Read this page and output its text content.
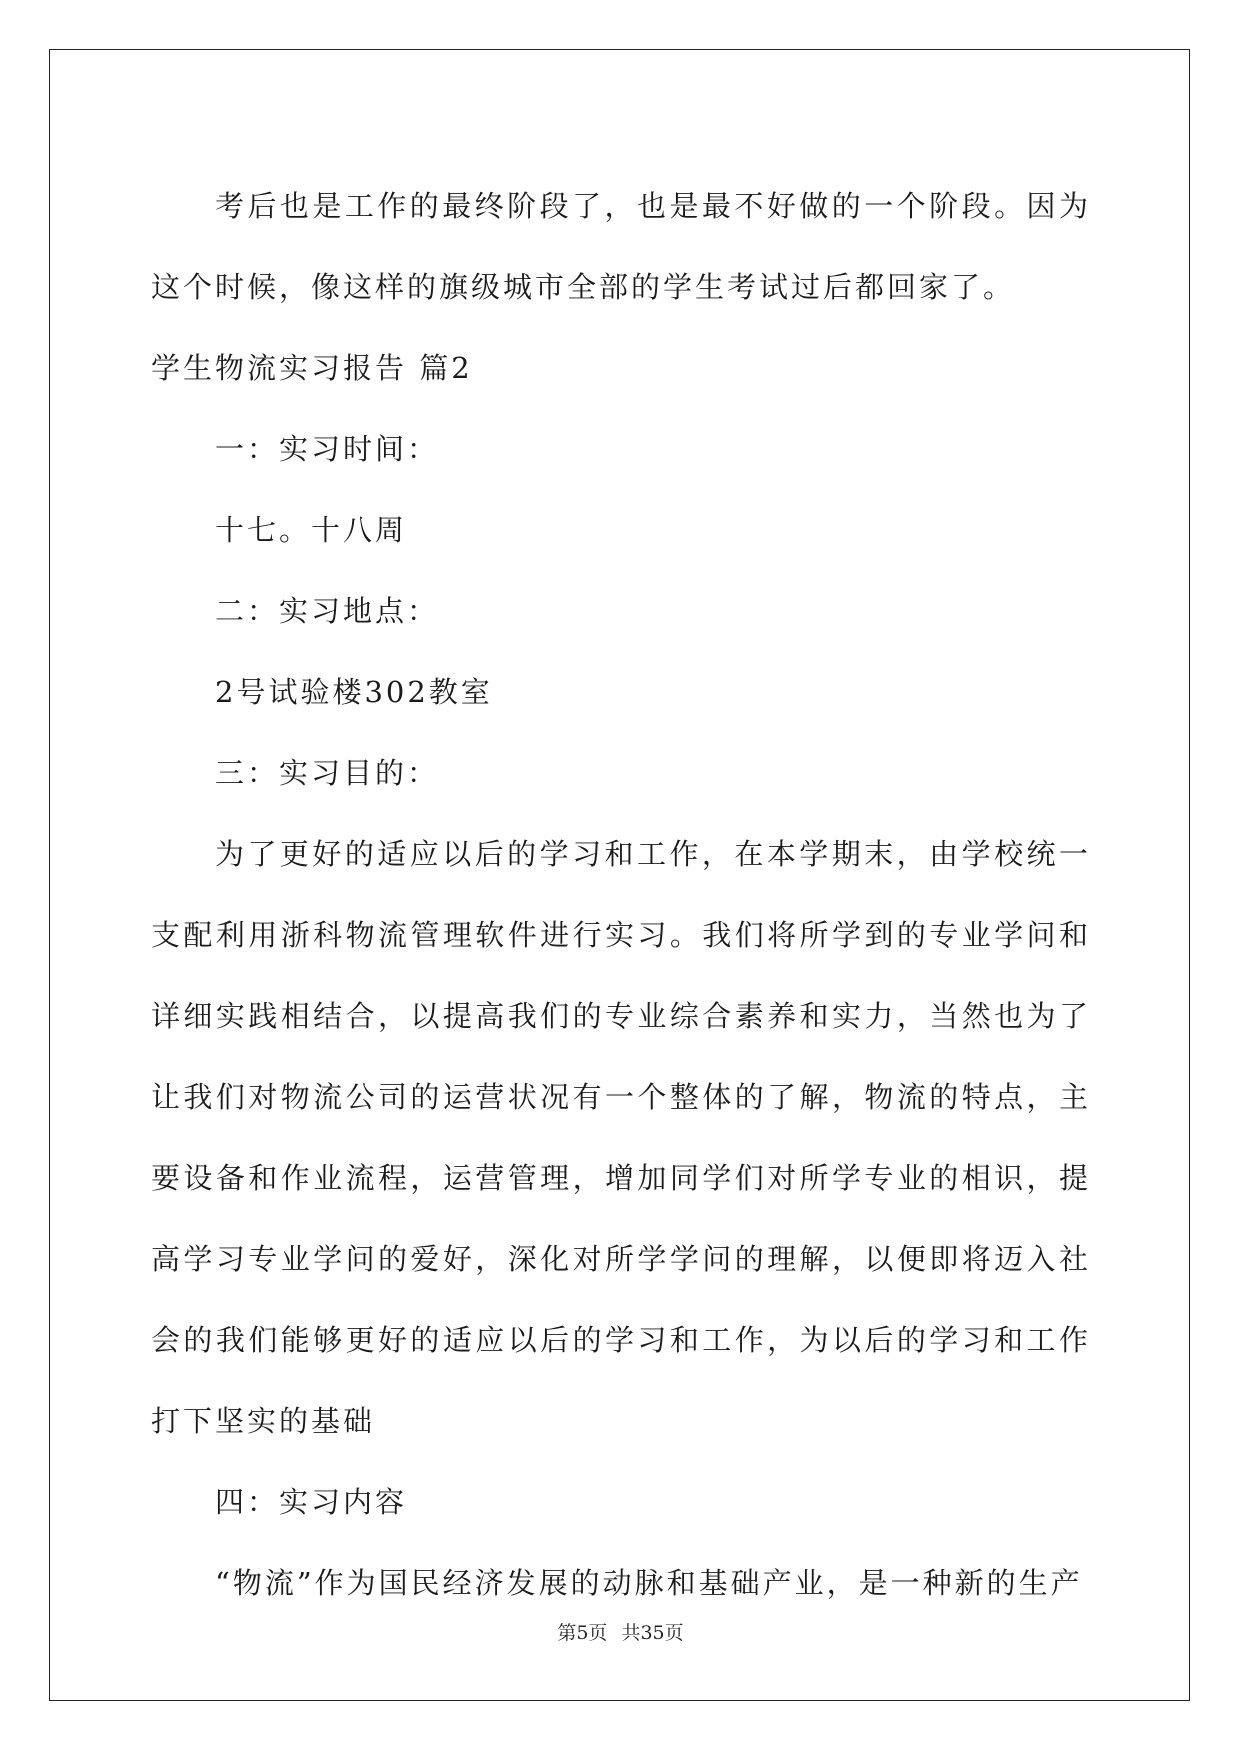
考后也是工作的最终阶段了，也是最不好做的一个阶段。因为这个时候，像这样的旗级城市全部的学生考试过后都回家了。

学生物流实习报告 篇2

一：实习时间：

十七。十八周

二：实习地点：

2号试验楼302教室

三：实习目的：

为了更好的适应以后的学习和工作，在本学期末，由学校统一支配利用浙科物流管理软件进行实习。我们将所学到的专业学问和详细实践相结合，以提高我们的专业综合素养和实力，当然也为了让我们对物流公司的运营状况有一个整体的了解，物流的特点，主要设备和作业流程，运营管理，增加同学们对所学专业的相识，提高学习专业学问的爱好，深化对所学学问的理解，以便即将迈入社会的我们能够更好的适应以后的学习和工作，为以后的学习和工作打下坚实的基础

四：实习内容

“物流”作为国民经济发展的动脉和基础产业，是一种新的生产

第5页 共35页
